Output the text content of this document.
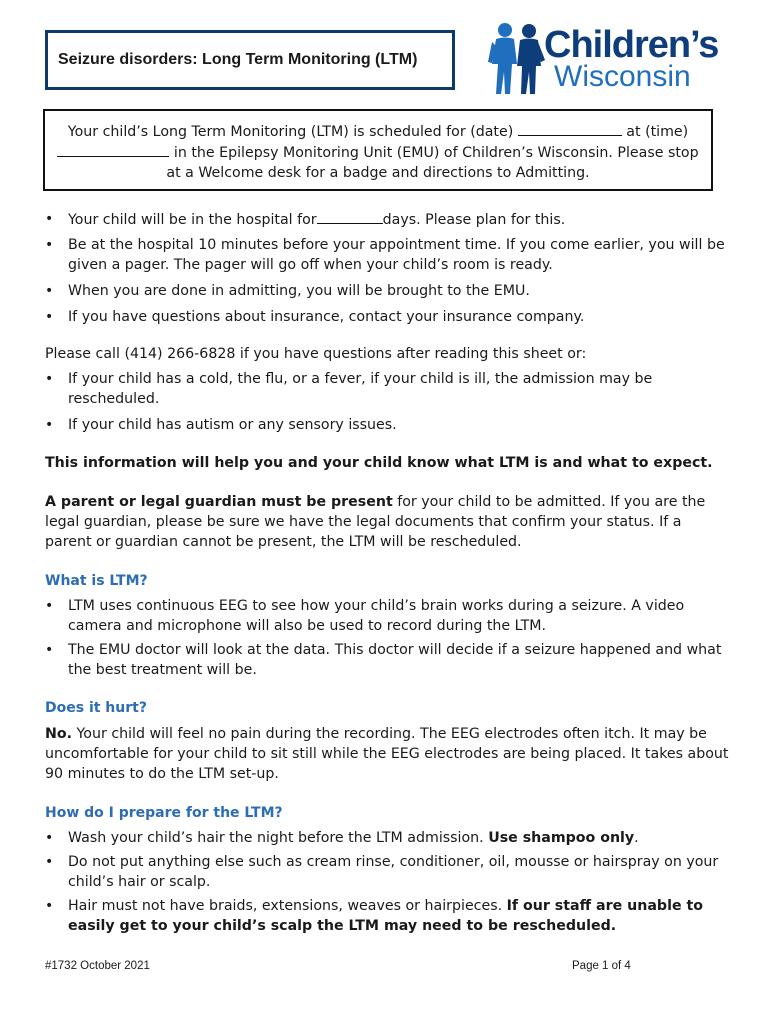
Seizure disorders: Long Term Monitoring (LTM)	Children’s
Wisconsin
Your child’s Long Term Monitoring (LTM) is scheduled for (date)	at (time)
in the Epilepsy Monitoring Unit (EMU) of Children’s Wisconsin. Please stop at a Welcome desk for a badge and directions to Admitting.
• Your child will be in the hospital for	days. Please plan for this.
• Be at the hospital 10 minutes before your appointment time. If you come earlier, you will be given a pager. The pager will go off when your child’s room is ready.
• When you are done in admitting, you will be brought to the EMU.
• If you have questions about insurance, contact your insurance company.
Please call (414) 266-6828 if you have questions after reading this sheet or:
• If your child has a cold, the flu, or a fever, if your child is ill, the admission may be rescheduled.
• If your child has autism or any sensory issues.
This information will help you and your child know what LTM is and what to expect.
A parent or legal guardian must be present for your child to be admitted. If you are the legal guardian, please be sure we have the legal documents that confirm your status. If a parent or guardian cannot be present, the LTM will be rescheduled.
What is LTM?
• LTM uses continuous EEG to see how your child’s brain works during a seizure. A video camera and microphone will also be used to record during the LTM.
• The EMU doctor will look at the data. This doctor will decide if a seizure happened and what the best treatment will be.
Does it hurt?
No. Your child will feel no pain during the recording. The EEG electrodes often itch. It may be uncomfortable for your child to sit still while the EEG electrodes are being placed. It takes about 90 minutes to do the LTM set-up.
How do I prepare for the LTM?
• Wash your child’s hair the night before the LTM admission. Use shampoo only.
• Do not put anything else such as cream rinse, conditioner, oil, mousse or hairspray on your child’s hair or scalp.
• Hair must not have braids, extensions, weaves or hairpieces. If our staff are unable to easily get to your child’s scalp the LTM may need to be rescheduled.
#1732 October 2021	Page 1 of 4
